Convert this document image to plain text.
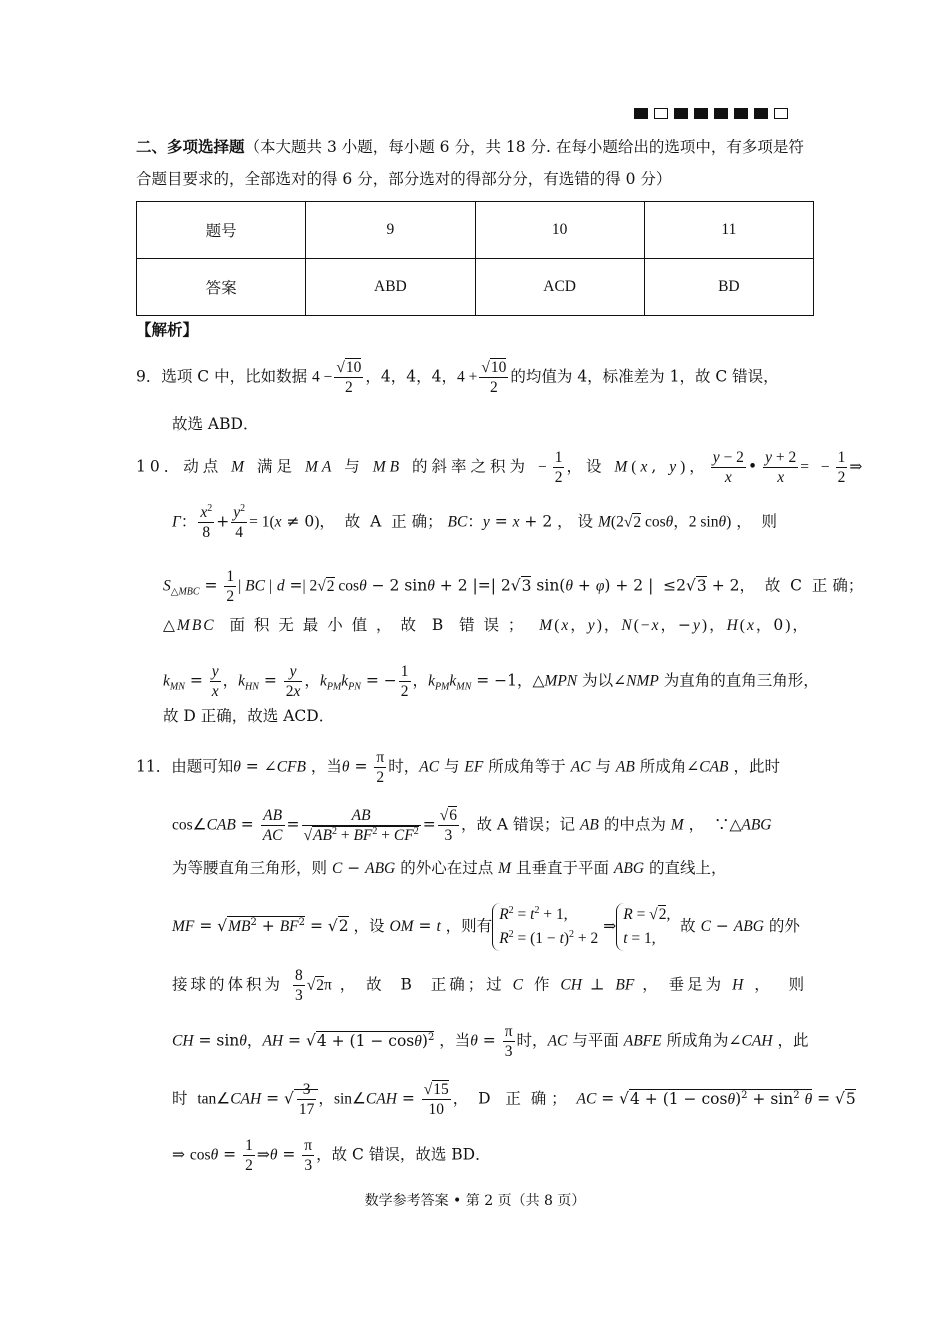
二、多项选择题（本大题共 3 小题，每小题 6 分，共 18 分. 在每小题给出的选项中，有多项是符合题目要求的，全部选对的得 6 分，部分选对的得部分分，有选错的得 0 分）
题号	9	10	11
答案	ABD	ACD	BD
【解析】
9．选项 C 中，比如数据 $4 - \frac{√10}{2}$ ，4，4，4，$4 + \frac{√10}{2}$ 的均值为 4，标准差为 1，故 C 错误，
故选 ABD．
10．动点 M 满足 MA 与 MB 的斜率之积为 − $\frac{1}{2}$ ，设 M(x, y)， $\frac{y - 2}{x}$ • $\frac{y + 2}{x}$ = − $\frac{1}{2}$ ⇒
Γ： $\frac{x^2}{8} + \frac{y^2}{4} = 1(x \ne 0)$，  故  A  正 确； BC：y = x + 2 ， 设 M(2√2 cosθ，2 sinθ) ，  则
$S_{\triangle MBC} = \frac{1}{2}$ | BC | d =| 2√2 cosθ − 2 sinθ + 2 |=| 2√3 sin(θ + φ) + 2 |  ≤2√3 + 2，  故  C  正 确；
△MBC  面 积 无 最 小 值 ， 故  B  错 误 ；  M(x，y)，N(−x，−y)，H(x，0)，
$k_{MN} = \frac{y}{x}$ ，$k_{HN} = \frac{y}{2x}$ ，$k_{PM}k_{PN}$ = − $\frac{1}{2}$ ，$k_{PM}k_{MN} = -1$，△MPN 为以∠NMP 为直角的直角三角形，
故 D 正确，故选 ACD．
11．由题可知θ = ∠CFB ，当$\theta = \frac{\pi}{2}$ 时，AC 与 EF 所成角等于 AC 与 AB 所成角∠CAB ，此时
cos∠CAB = $\frac{AB}{AC} = \frac{AB}{√AB^2 + BF^2 + CF^2} = \frac{√6}{3}$ ，故 A 错误；记 AB 的中点为 M ，  ∵△ABG
为等腰直角三角形，则 C − ABG 的外心在过点 M 且垂直于平面 ABG 的直线上，
MF = $√MB^2 + BF^2 = √2$ ，设 OM = t ，则有$R^2 = t^2 + 1$,
$R^2 = (1 - t)^2 + 2$ ⇒R = √2,
t = 1,  故 C − ABG 的外
接球的体积为 $\frac{8}{3} √2\pi$ ， 故  B  正确；过 C 作 CH ⊥ BF ， 垂足为 H ，  则
CH = sinθ，AH = $√4 + (1 - \cos\theta)^2$ ，当$\theta = \frac{\pi}{3}$ 时，AC 与平面 ABFE 所成角为∠CAH ，此
时  tan∠CAH = √ $\frac{3}{17}$ ，sin∠CAH = $\frac{√15}{10}$ ，  D   正  确 ；  AC = $√4 + (1 - \cos\theta)^2 + \sin^2 \theta = √5$
⇒ $\cos\theta = \frac{1}{2}$ ⇒θ = $\frac{\pi}{3}$ ，故 C 错误，故选 BD．
数学参考答案 • 第 2 页（共 8 页）
